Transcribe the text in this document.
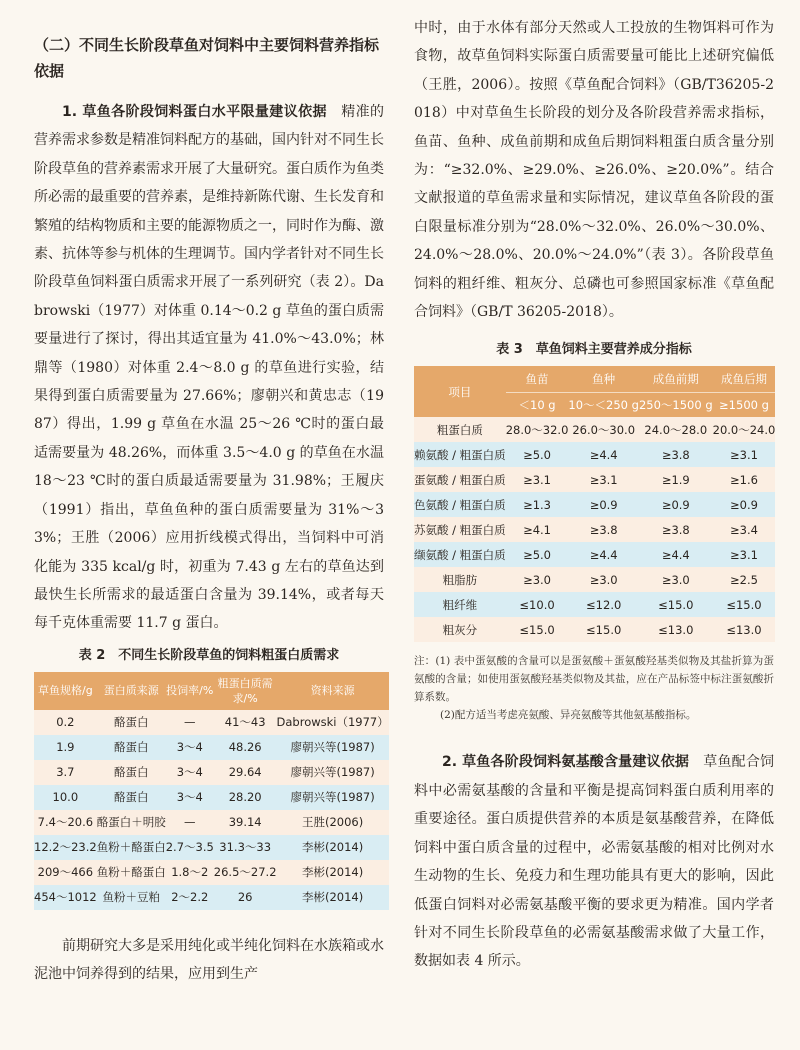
（二）不同生长阶段草鱼对饲料中主要饲料营养指标依据

1. 草鱼各阶段饲料蛋白水平限量建议依据　 精准的营养需求参数是精准饲料配方的基础，国内针对不同生长阶段草鱼的营养素需求开展了大量研究。蛋白质作为鱼类所必需的最重要的营养素，是维持新陈代谢、生长发育和繁殖的结构物质和主要的能源物质之一，同时作为酶、激素、抗体等参与机体的生理调节。国内学者针对不同生长阶段草鱼饲料蛋白质需求开展了一系列研究（表 2）。Dabrowski（1977）对体重 0.14～0.2 g 草鱼的蛋白质需要量进行了探讨，得出其适宜量为 41.0%～43.0%；林鼎等（1980）对体重 2.4～8.0 g 的草鱼进行实验，结果得到蛋白质需要量为 27.66%；廖朝兴和黄忠志（1987）得出，1.99 g 草鱼在水温 25～26 ℃时的蛋白最适需要量为 48.26%，而体重 3.5～4.0 g 的草鱼在水温 18～23 ℃时的蛋白质最适需要量为 31.98%；王履庆（1991）指出，草鱼鱼种的蛋白质需要量为 31%～33%；王胜（2006）应用折线模式得出，当饲料中可消化能为 335 kcal/g 时，初重为 7.43 g 左右的草鱼达到最快生长所需求的最适蛋白含量为 39.14%，或者每天每千克体重需要 11.7 g 蛋白。

表 2　不同生长阶段草鱼的饲料粗蛋白质需求
草鱼规格/g	蛋白质来源	投饲率/%	粗蛋白质需求/%	资料来源
0.2	酪蛋白	—	41～43	Dabrowski（1977）
1.9	酪蛋白	3～4	48.26	廖朝兴等(1987)
3.7	酪蛋白	3～4	29.64	廖朝兴等(1987)
10.0	酪蛋白	3～4	28.20	廖朝兴等(1987)
7.4～20.6	酪蛋白＋明胶	—	39.14	王胜(2006)
12.2～23.2	鱼粉＋酪蛋白	2.7～3.5	31.3～33	李彬(2014)
209～466	鱼粉＋酪蛋白	1.8～2	26.5～27.2	李彬(2014)
454～1012	鱼粉＋豆粕	2～2.2	26	李彬(2014)

前期研究大多是采用纯化或半纯化饲料在水族箱或水泥池中饲养得到的结果，应用到生产

中时，由于水体有部分天然或人工投放的生物饵料可作为食物，故草鱼饲料实际蛋白质需要量可能比上述研究偏低（王胜，2006）。按照《草鱼配合饲料》（GB/T36205-2018）中对草鱼生长阶段的划分及各阶段营养需求指标，鱼苗、鱼种、成鱼前期和成鱼后期饲料粗蛋白质含量分别为：“≥32.0%、≥29.0%、≥26.0%、≥20.0%”。结合文献报道的草鱼需求量和实际情况，建议草鱼各阶段的蛋白限量标准分别为“28.0%～32.0%、26.0%～30.0%、24.0%～28.0%、20.0%～24.0%”（表 3）。各阶段草鱼饲料的粗纤维、粗灰分、总磷也可参照国家标准《草鱼配合饲料》（GB/T 36205-2018）。

表 3　草鱼饲料主要营养成分指标
项目	鱼苗	鱼种	成鱼前期	成鱼后期
	＜10 g	10～＜250 g	250～1500 g	≥1500 g
粗蛋白质	28.0～32.0	26.0～30.0	24.0～28.0	20.0～24.0
赖氨酸 / 粗蛋白质	≥5.0	≥4.4	≥3.8	≥3.1
蛋氨酸 / 粗蛋白质	≥3.1	≥3.1	≥1.9	≥1.6
色氨酸 / 粗蛋白质	≥1.3	≥0.9	≥0.9	≥0.9
苏氨酸 / 粗蛋白质	≥4.1	≥3.8	≥3.8	≥3.4
缬氨酸 / 粗蛋白质	≥5.0	≥4.4	≥4.4	≥3.1
粗脂肪	≥3.0	≥3.0	≥3.0	≥2.5
粗纤维	≤10.0	≤12.0	≤15.0	≤15.0
粗灰分	≤15.0	≤15.0	≤13.0	≤13.0

注：(1) 表中蛋氨酸的含量可以是蛋氨酸＋蛋氨酸羟基类似物及其盐折算为蛋氨酸的含量；如使用蛋氨酸羟基类似物及其盐，应在产品标签中标注蛋氨酸折算系数。

(2)配方适当考虑亮氨酸、异亮氨酸等其他氨基酸指标。

2. 草鱼各阶段饲料氨基酸含量建议依据　 草鱼配合饲料中必需氨基酸的含量和平衡是提高饲料蛋白质利用率的重要途径。蛋白质提供营养的本质是氨基酸营养，在降低饲料中蛋白质含量的过程中，必需氨基酸的相对比例对水生动物的生长、免疫力和生理功能具有更大的影响，因此低蛋白饲料对必需氨基酸平衡的要求更为精准。国内学者针对不同生长阶段草鱼的必需氨基酸需求做了大量工作，数据如表 4 所示。
